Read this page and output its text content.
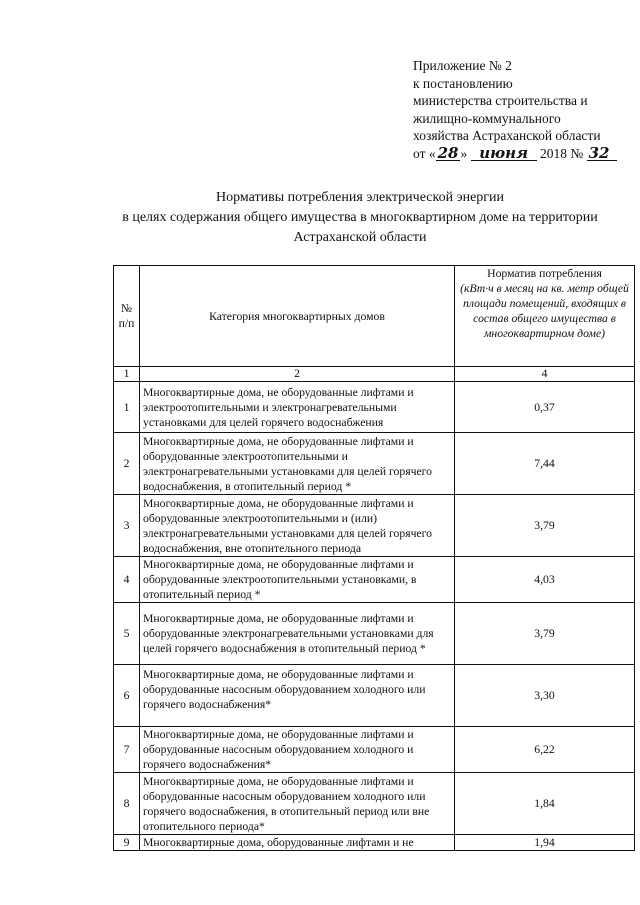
Приложение № 2
к постановлению
министерства строительства и
жилищно-коммунального
хозяйства Астраханской области
от « 28 » июня 2018 № 32
Нормативы потребления электрической энергии
в целях содержания общего имущества в многоквартирном доме на территории
Астраханской области
№ п/п	Категория многоквартирных домов	Норматив потребления
(кВт·ч в месяц на кв. метр общей площади помещений, входящих в состав общего имущества в многоквартирном доме)

1	2	4
1	Многоквартирные дома, не оборудованные лифтами и электроотопительными и электронагревательными установками для целей горячего водоснабжения	0,37
2	Многоквартирные дома, не оборудованные лифтами и оборудованные электроотопительными и электронагревательными установками для целей горячего водоснабжения, в отопительный период *	7,44
3	Многоквартирные дома, не оборудованные лифтами и оборудованные электроотопительными и (или) электронагревательными установками для целей горячего водоснабжения, вне отопительного периода	3,79
4	Многоквартирные дома, не оборудованные лифтами и оборудованные электроотопительными установками, в отопительный период *	4,03
5	Многоквартирные дома, не оборудованные лифтами и оборудованные электронагревательными установками для целей горячего водоснабжения в отопительный период *	3,79
6	Многоквартирные дома, не оборудованные лифтами и оборудованные насосным оборудованием холодного или горячего водоснабжения*	3,30
7	Многоквартирные дома, не оборудованные лифтами и оборудованные насосным оборудованием холодного и горячего водоснабжения*	6,22
8	Многоквартирные дома, не оборудованные лифтами и оборудованные насосным оборудованием холодного или горячего водоснабжения, в отопительный период или вне отопительного периода*	1,84
9	Многоквартирные дома, оборудованные лифтами и не	1,94
